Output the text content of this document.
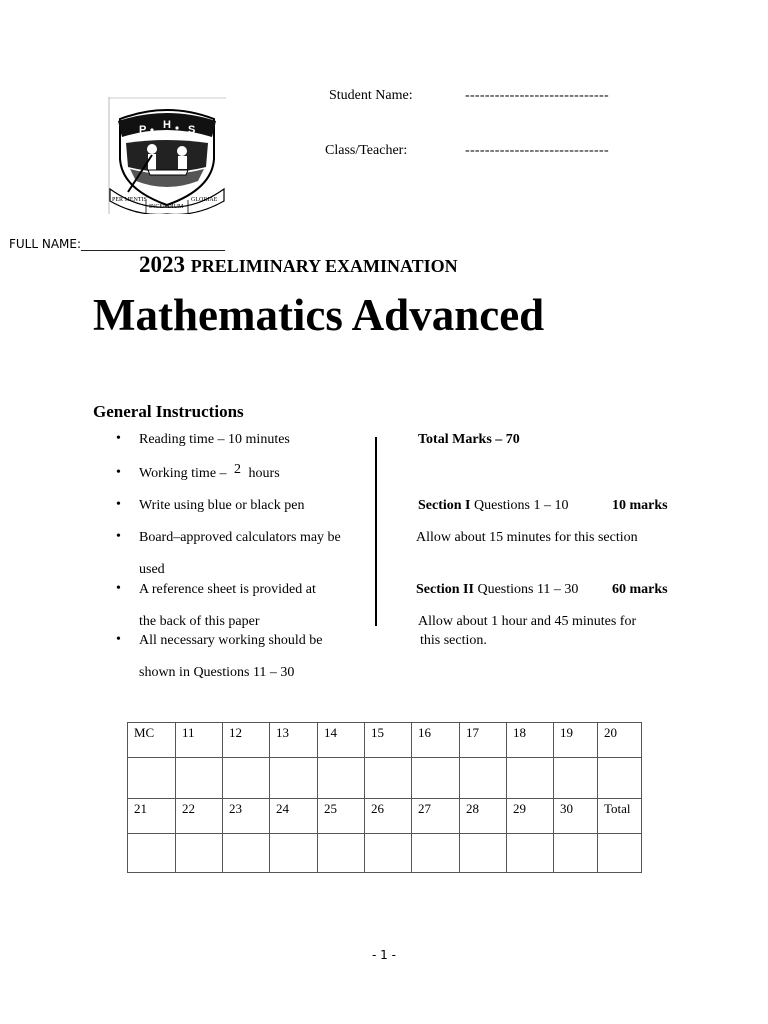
P H S
PER MENTIS
INCENDIUM
GLORIAE
Student Name:	-----------------------------
Class/Teacher:	-----------------------------
FULL NAME:________________________
2023 PRELIMINARY EXAMINATION
Mathematics Advanced
General Instructions
• Reading time – 10 minutes
• Working time – 2 hours
• Write using blue or black pen
• Board–approved calculators may be
used
• A reference sheet is provided at
the back of this paper
• All necessary working should be
shown in Questions 11 – 30
Total Marks – 70
Section I Questions 1 – 10	10 marks
Allow about 15 minutes for this section
Section II Questions 11 – 30 60 marks
Allow about 1 hour and 45 minutes for
this section.
MC	11	12	13	14	15	16	17	18	19	20

21	22	23	24	25	26	27	28	29	30	Total

- 1 -
